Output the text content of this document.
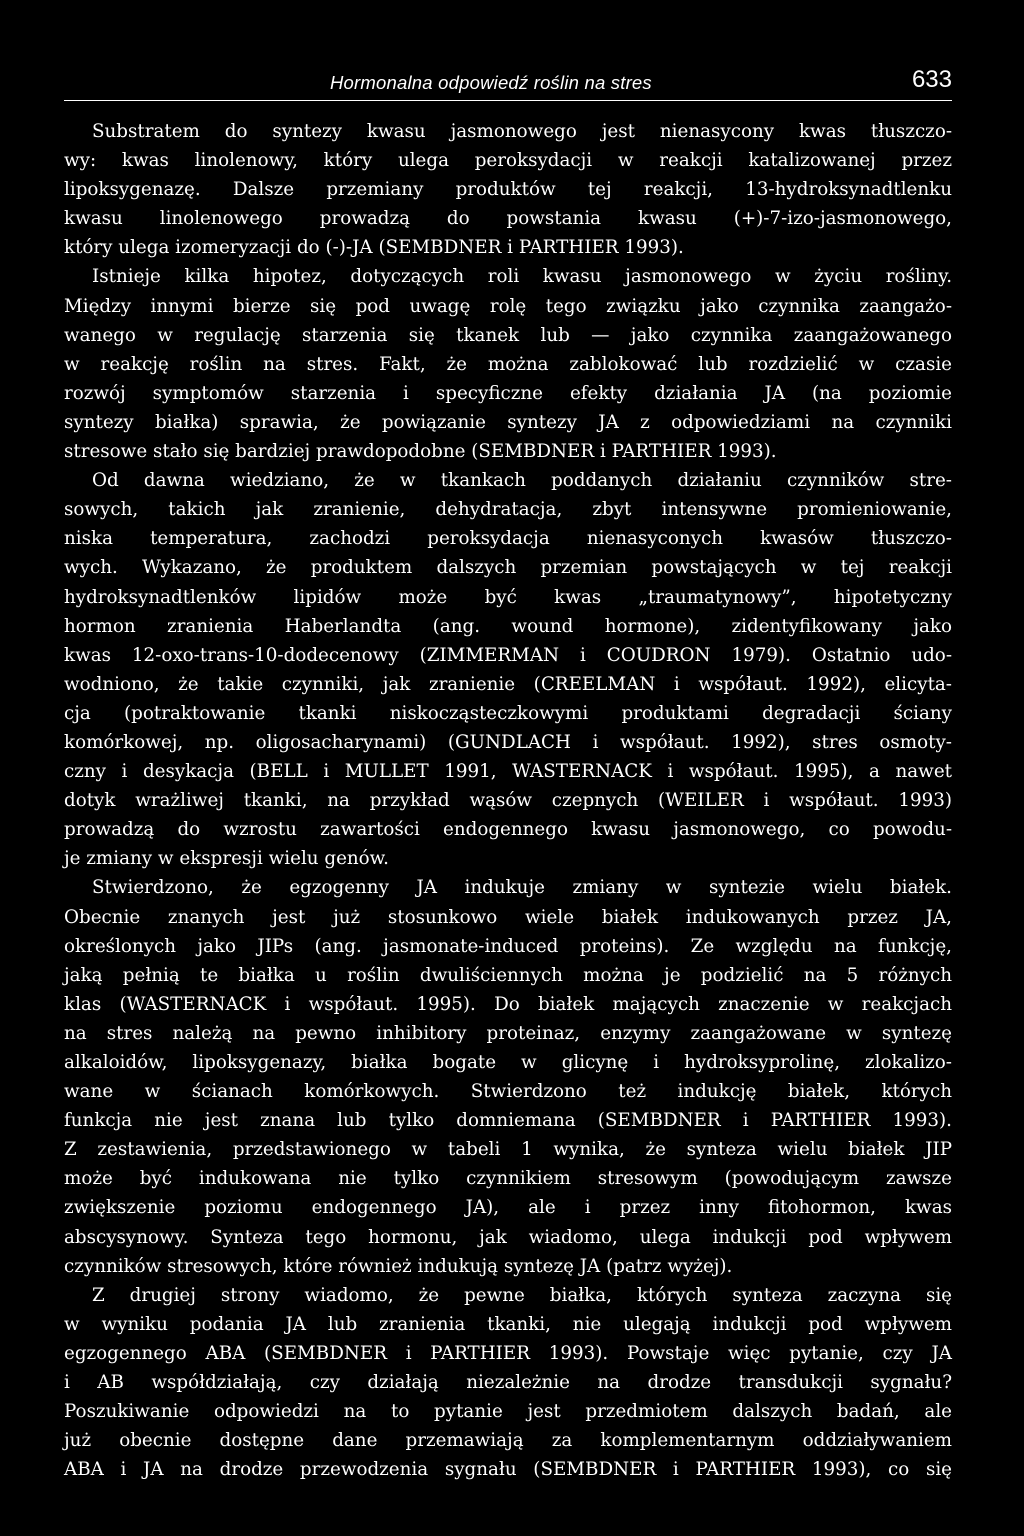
Hormonalna odpowiedź roślin na stres	633
Substratem do syntezy kwasu jasmonowego jest nienasycony kwas tłuszczo-
wy: kwas linolenowy, który ulega peroksydacji w reakcji katalizowanej przez
lipoksygenazę. Dalsze przemiany produktów tej reakcji, 13-hydroksynadtlenku
kwasu linolenowego prowadzą do powstania kwasu (+)-7-izo-jasmonowego,
który ulega izomeryzacji do (-)-JA (SEMBDNER i PARTHIER 1993).
Istnieje kilka hipotez, dotyczących roli kwasu jasmonowego w życiu rośliny.
Między innymi bierze się pod uwagę rolę tego związku jako czynnika zaangażo-
wanego w regulację starzenia się tkanek lub — jako czynnika zaangażowanego
w reakcję roślin na stres. Fakt, że można zablokować lub rozdzielić w czasie
rozwój symptomów starzenia i specyficzne efekty działania JA (na poziomie
syntezy białka) sprawia, że powiązanie syntezy JA z odpowiedziami na czynniki
stresowe stało się bardziej prawdopodobne (SEMBDNER i PARTHIER 1993).
Od dawna wiedziano, że w tkankach poddanych działaniu czynników stre-
sowych, takich jak zranienie, dehydratacja, zbyt intensywne promieniowanie,
niska temperatura, zachodzi peroksydacja nienasyconych kwasów tłuszczo-
wych. Wykazano, że produktem dalszych przemian powstających w tej reakcji
hydroksynadtlenków lipidów może być kwas „traumatynowy”, hipotetyczny
hormon zranienia Haberlandta (ang. wound hormone), zidentyfikowany jako
kwas 12-oxo-trans-10-dodecenowy (ZIMMERMAN i COUDRON 1979). Ostatnio udo-
wodniono, że takie czynniki, jak zranienie (CREELMAN i współaut. 1992), elicyta-
cja (potraktowanie tkanki niskocząsteczkowymi produktami degradacji ściany
komórkowej, np. oligosacharynami) (GUNDLACH i współaut. 1992), stres osmoty-
czny i desykacja (BELL i MULLET 1991, WASTERNACK i współaut. 1995), a nawet
dotyk wrażliwej tkanki, na przykład wąsów czepnych (WEILER i współaut. 1993)
prowadzą do wzrostu zawartości endogennego kwasu jasmonowego, co powodu-
je zmiany w ekspresji wielu genów.
Stwierdzono, że egzogenny JA indukuje zmiany w syntezie wielu białek.
Obecnie znanych jest już stosunkowo wiele białek indukowanych przez JA,
określonych jako JIPs (ang. jasmonate-induced proteins). Ze względu na funkcję,
jaką pełnią te białka u roślin dwuliściennych można je podzielić na 5 różnych
klas (WASTERNACK i współaut. 1995). Do białek mających znaczenie w reakcjach
na stres należą na pewno inhibitory proteinaz, enzymy zaangażowane w syntezę
alkaloidów, lipoksygenazy, białka bogate w glicynę i hydroksyprolinę, zlokalizo-
wane w ścianach komórkowych. Stwierdzono też indukcję białek, których
funkcja nie jest znana lub tylko domniemana (SEMBDNER i PARTHIER 1993).
Z zestawienia, przedstawionego w tabeli 1 wynika, że synteza wielu białek JIP
może być indukowana nie tylko czynnikiem stresowym (powodującym zawsze
zwiększenie poziomu endogennego JA), ale i przez inny fitohormon, kwas
abscysynowy. Synteza tego hormonu, jak wiadomo, ulega indukcji pod wpływem
czynników stresowych, które również indukują syntezę JA (patrz wyżej).
Z drugiej strony wiadomo, że pewne białka, których synteza zaczyna się
w wyniku podania JA lub zranienia tkanki, nie ulegają indukcji pod wpływem
egzogennego ABA (SEMBDNER i PARTHIER 1993). Powstaje więc pytanie, czy JA
i AB współdziałają, czy działają niezależnie na drodze transdukcji sygnału?
Poszukiwanie odpowiedzi na to pytanie jest przedmiotem dalszych badań, ale
już obecnie dostępne dane przemawiają za komplementarnym oddziaływaniem
ABA i JA na drodze przewodzenia sygnału (SEMBDNER i PARTHIER 1993), co się
